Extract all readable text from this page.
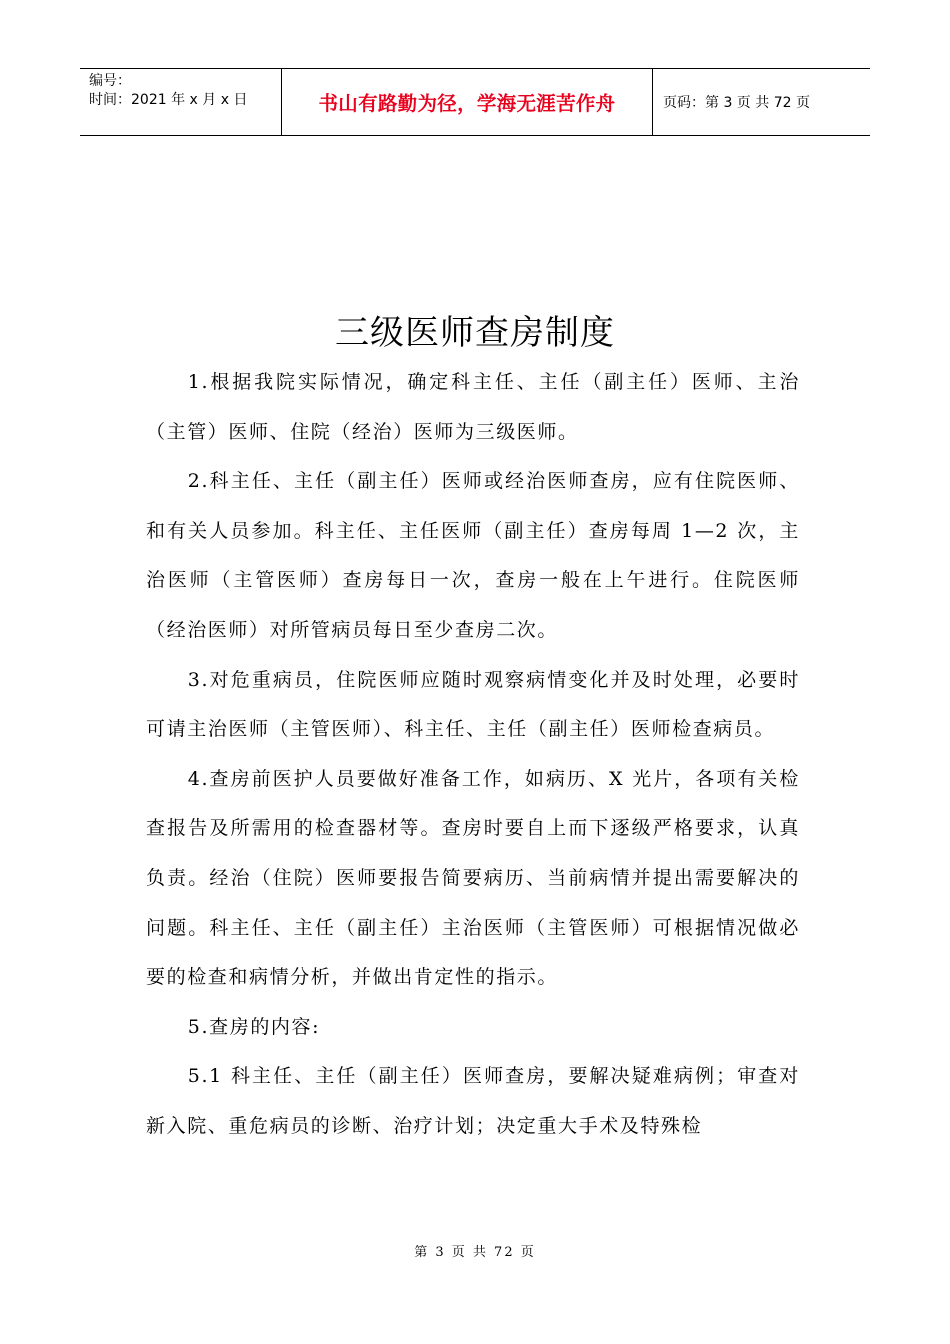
编号：
时间：2021 年 x 月 x 日	书山有路勤为径，学海无涯苦作舟	页码：第 3 页 共 72 页
三级医师查房制度

1.根据我院实际情况，确定科主任、主任（副主任）医师、主治（主管）医师、住院（经治）医师为三级医师。

2.科主任、主任（副主任）医师或经治医师查房，应有住院医师、和有关人员参加。科主任、主任医师（副主任）查房每周 1—2 次，主治医师（主管医师）查房每日一次，查房一般在上午进行。住院医师（经治医师）对所管病员每日至少查房二次。

3.对危重病员，住院医师应随时观察病情变化并及时处理，必要时可请主治医师（主管医师）、科主任、主任（副主任）医师检查病员。

4.查房前医护人员要做好准备工作，如病历、X 光片，各项有关检查报告及所需用的检查器材等。查房时要自上而下逐级严格要求，认真负责。经治（住院）医师要报告简要病历、当前病情并提出需要解决的问题。科主任、主任（副主任）主治医师（主管医师）可根据情况做必要的检查和病情分析，并做出肯定性的指示。

5.查房的内容:

5.1 科主任、主任（副主任）医师查房，要解决疑难病例；审查对新入院、重危病员的诊断、治疗计划；决定重大手术及特殊检

第 3 页 共 72 页
